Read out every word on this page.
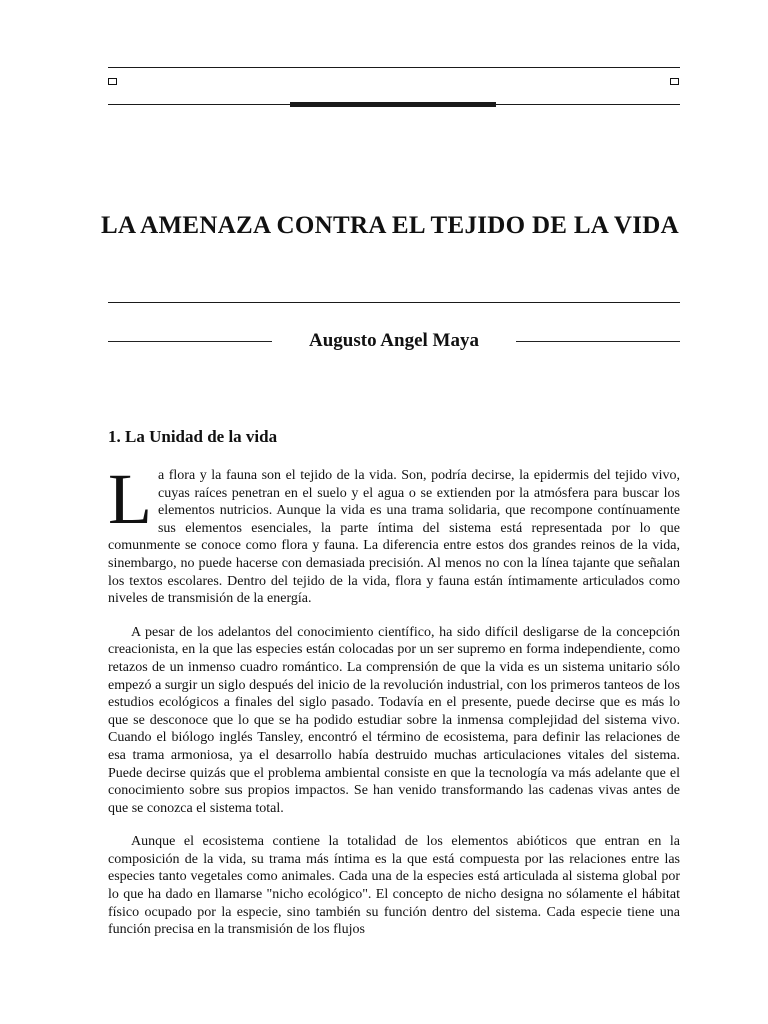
LA AMENAZA CONTRA EL TEJIDO DE LA VIDA
Augusto Angel Maya
1. La Unidad de la vida

La flora y la fauna son el tejido de la vida. Son, podría decirse, la epidermis del tejido vivo, cuyas raíces penetran en el suelo y el agua o se extienden por la atmósfera para buscar los elementos nutricios. Aunque la vida es una trama solidaria, que recompone contínuamente sus elementos esenciales, la parte íntima del sistema está representada por lo que comunmente se conoce como flora y fauna. La diferencia entre estos dos grandes reinos de la vida, sinembargo, no puede hacerse con demasiada precisión. Al menos no con la línea tajante que señalan los textos escolares. Dentro del tejido de la vida, flora y fauna están íntimamente articulados como niveles de transmisión de la energía.

A pesar de los adelantos del conocimiento científico, ha sido difícil desligarse de la concepción creacionista, en la que las especies están colocadas por un ser supremo en forma independiente, como retazos de un inmenso cuadro romántico. La comprensión de que la vida es un sistema unitario sólo empezó a surgir un siglo después del inicio de la revolución industrial, con los primeros tanteos de los estudios ecológicos a finales del siglo pasado. Todavía en el presente, puede decirse que es más lo que se desconoce que lo que se ha podido estudiar sobre la inmensa complejidad del sistema vivo. Cuando el biólogo inglés Tansley, encontró el término de ecosistema, para definir las relaciones de esa trama armoniosa, ya el desarrollo había destruido muchas articulaciones vitales del sistema. Puede decirse quizás que el problema ambiental consiste en que la tecnología va más adelante que el conocimiento sobre sus propios impactos. Se han venido transformando las cadenas vivas antes de que se conozca el sistema total.

Aunque el ecosistema contiene la totalidad de los elementos abióticos que entran en la composición de la vida, su trama más íntima es la que está compuesta por las relaciones entre las especies tanto vegetales como animales. Cada una de la especies está articulada al sistema global por lo que ha dado en llamarse "nicho ecológico". El concepto de nicho designa no sólamente el hábitat físico ocupado por la especie, sino también su función dentro del sistema. Cada especie tiene una función precisa en la transmisión de los flujos
